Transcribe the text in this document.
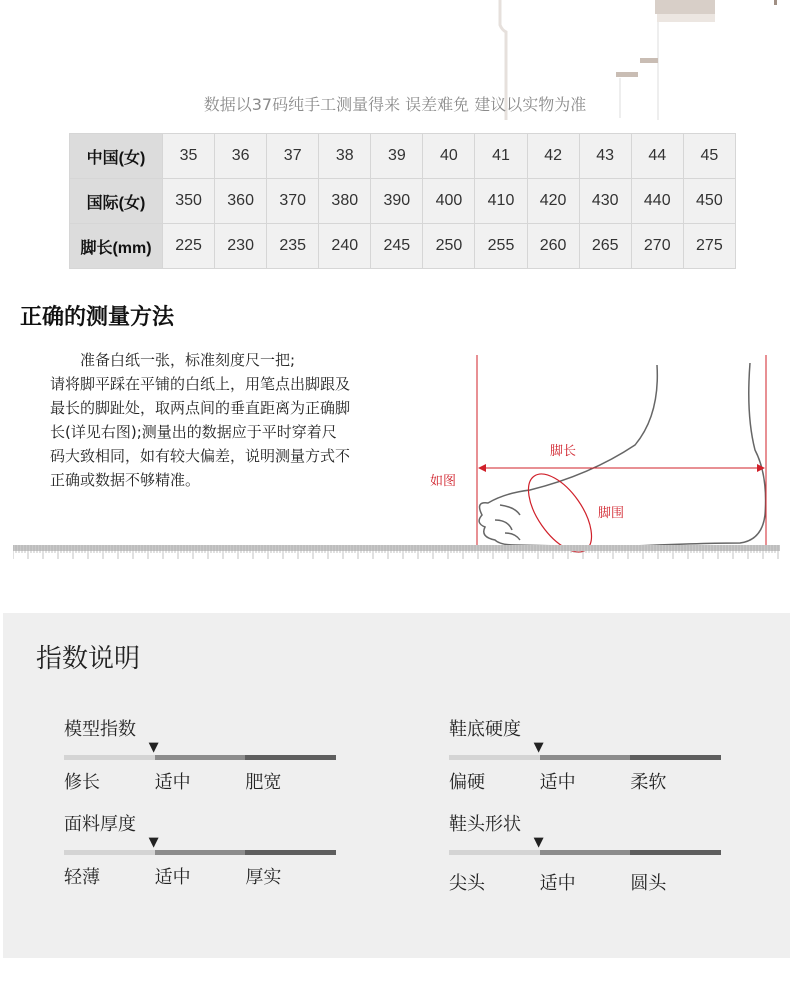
数据以37码纯手工测量得来 误差难免 建议以实物为准
中国(女)	35	36	37	38	39	40	41	42	43	44	45
国际(女)	350	360	370	380	390	400	410	420	430	440	450
脚长(mm)	225	230	235	240	245	250	255	260	265	270	275
正确的测量方法
准备白纸一张，标准刻度尺一把;
请将脚平踩在平铺的白纸上，用笔点出脚跟及最长的脚趾处，取两点间的垂直距离为正确脚长(详见右图);测量出的数据应于平时穿着尺码大致相同，如有较大偏差，说明测量方式不正确或数据不够精准。
脚长
如图
脚围
指数说明
模型指数
▼
修长	适中	肥宽
鞋底硬度
▼
偏硬	适中	柔软
面料厚度
▼
轻薄	适中	厚实
鞋头形状
▼
尖头	适中	圆头
